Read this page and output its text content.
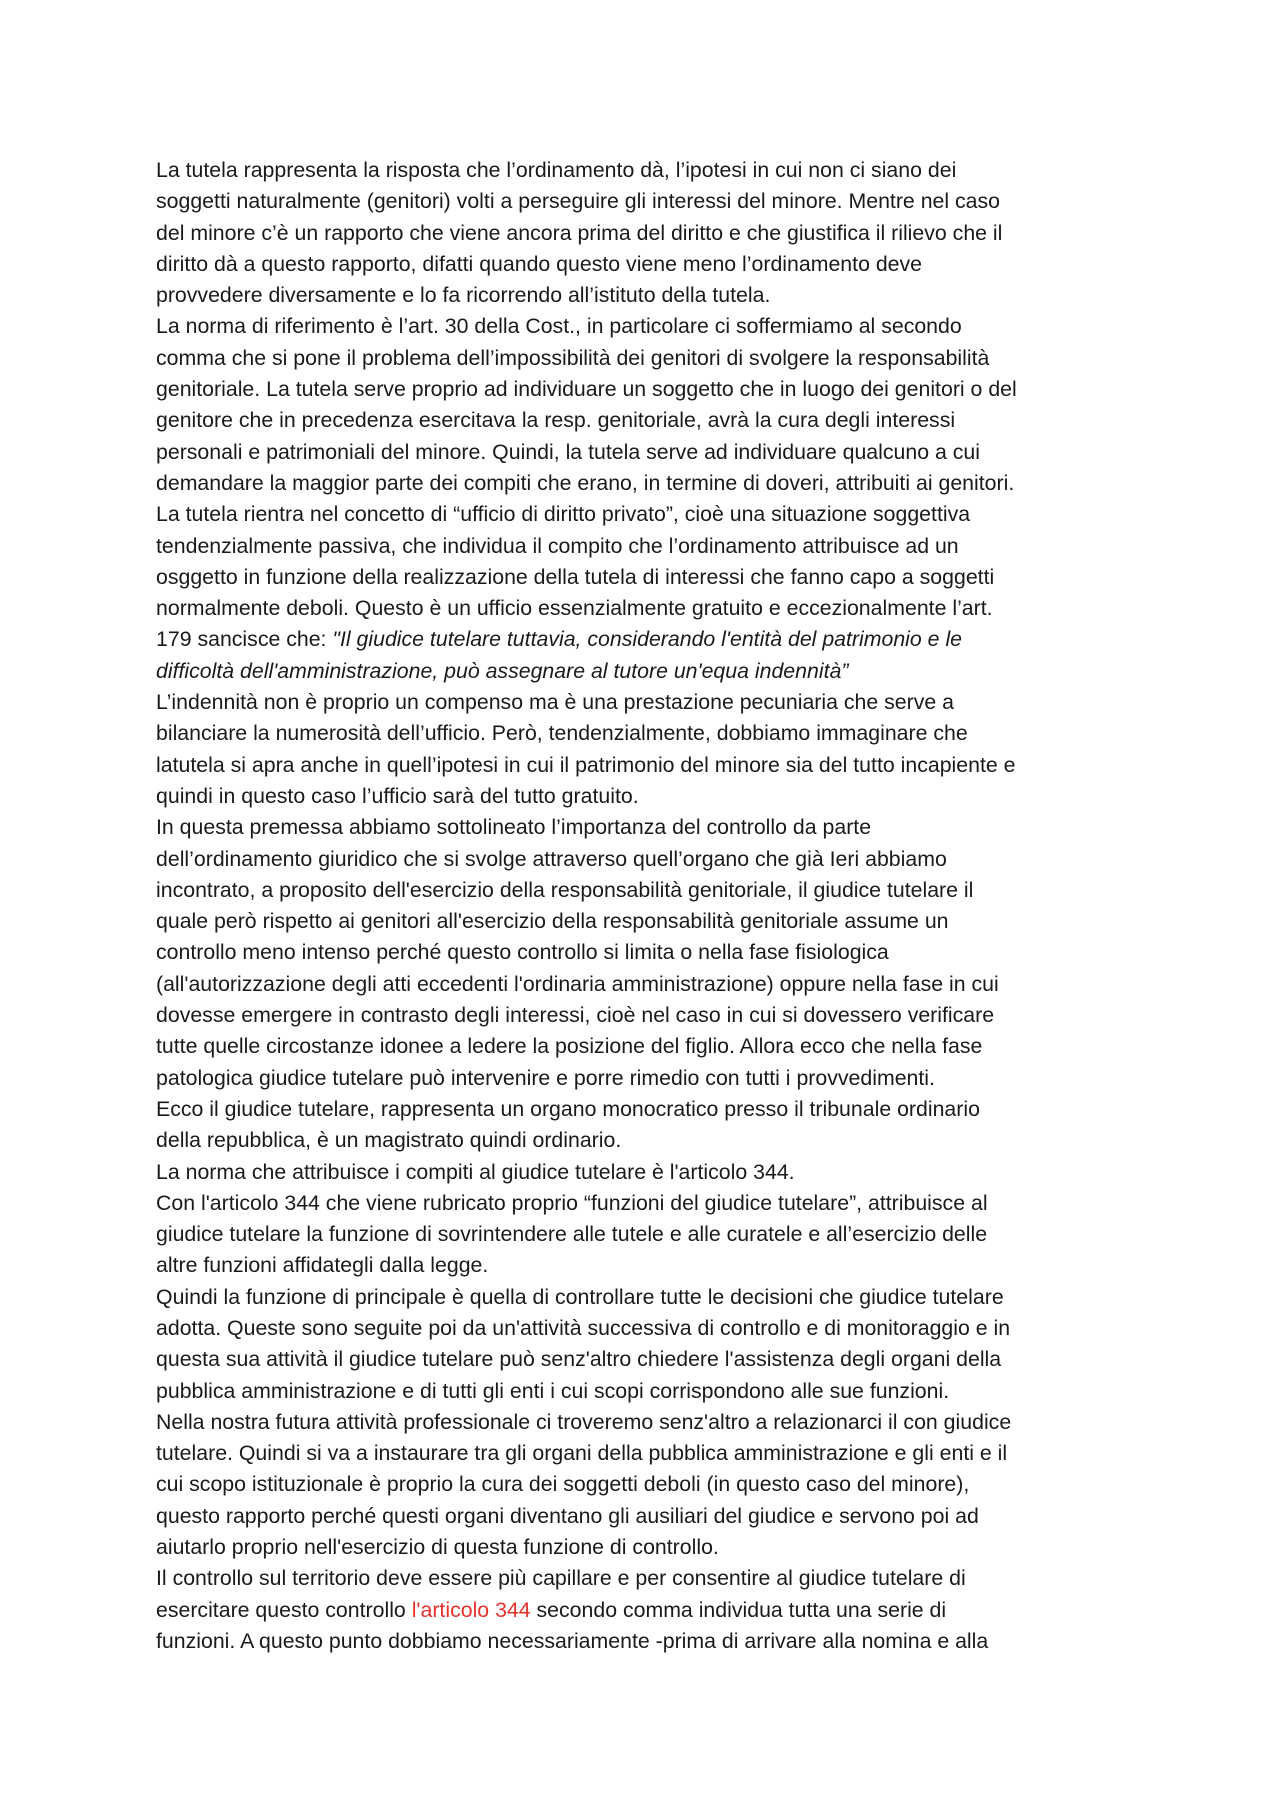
La tutela rappresenta la risposta che l’ordinamento dà, l’ipotesi in cui non ci siano dei
soggetti naturalmente (genitori) volti a perseguire gli interessi del minore. Mentre nel caso
del minore c’è un rapporto che viene ancora prima del diritto e che giustifica il rilievo che il
diritto dà a questo rapporto, difatti quando questo viene meno l’ordinamento deve
provvedere diversamente e lo fa ricorrendo all’istituto della tutela.
La norma di riferimento è l’art. 30 della Cost., in particolare ci soffermiamo al secondo
comma che si pone il problema dell’impossibilità dei genitori di svolgere la responsabilità
genitoriale. La tutela serve proprio ad individuare un soggetto che in luogo dei genitori o del
genitore che in precedenza esercitava la resp. genitoriale, avrà la cura degli interessi
personali e patrimoniali del minore. Quindi, la tutela serve ad individuare qualcuno a cui
demandare la maggior parte dei compiti che erano, in termine di doveri, attribuiti ai genitori.
La tutela rientra nel concetto di “ufficio di diritto privato”, cioè una situazione soggettiva
tendenzialmente passiva, che individua il compito che l’ordinamento attribuisce ad un
osggetto in funzione della realizzazione della tutela di interessi che fanno capo a soggetti
normalmente deboli. Questo è un ufficio essenzialmente gratuito e eccezionalmente l’art.
179 sancisce che: "Il giudice tutelare tuttavia, considerando l'entità del patrimonio e le
difficoltà dell'amministrazione, può assegnare al tutore un'equa indennità”
L’indennità non è proprio un compenso ma è una prestazione pecuniaria che serve a
bilanciare la numerosità dell’ufficio. Però, tendenzialmente, dobbiamo immaginare che
latutela si apra anche in quell’ipotesi in cui il patrimonio del minore sia del tutto incapiente e
quindi in questo caso l’ufficio sarà del tutto gratuito.
In questa premessa abbiamo sottolineato l’importanza del controllo da parte
dell’ordinamento giuridico che si svolge attraverso quell’organo che già Ieri abbiamo
incontrato, a proposito dell'esercizio della responsabilità genitoriale, il giudice tutelare il
quale però rispetto ai genitori all'esercizio della responsabilità genitoriale assume un
controllo meno intenso perché questo controllo si limita o nella fase fisiologica
(all'autorizzazione degli atti eccedenti l'ordinaria amministrazione) oppure nella fase in cui
dovesse emergere in contrasto degli interessi, cioè nel caso in cui si dovessero verificare
tutte quelle circostanze idonee a ledere la posizione del figlio. Allora ecco che nella fase
patologica giudice tutelare può intervenire e porre rimedio con tutti i provvedimenti.
Ecco il giudice tutelare, rappresenta un organo monocratico presso il tribunale ordinario
della repubblica, è un magistrato quindi ordinario.
La norma che attribuisce i compiti al giudice tutelare è l'articolo 344.
Con l'articolo 344 che viene rubricato proprio “funzioni del giudice tutelare”, attribuisce al
giudice tutelare la funzione di sovrintendere alle tutele e alle curatele e all’esercizio delle
altre funzioni affidategli dalla legge.
Quindi la funzione di principale è quella di controllare tutte le decisioni che giudice tutelare
adotta. Queste sono seguite poi da un'attività successiva di controllo e di monitoraggio e in
questa sua attività il giudice tutelare può senz'altro chiedere l'assistenza degli organi della
pubblica amministrazione e di tutti gli enti i cui scopi corrispondono alle sue funzioni.
Nella nostra futura attività professionale ci troveremo senz'altro a relazionarci il con giudice
tutelare. Quindi si va a instaurare tra gli organi della pubblica amministrazione e gli enti e il
cui scopo istituzionale è proprio la cura dei soggetti deboli (in questo caso del minore),
questo rapporto perché questi organi diventano gli ausiliari del giudice e servono poi ad
aiutarlo proprio nell'esercizio di questa funzione di controllo.
Il controllo sul territorio deve essere più capillare e per consentire al giudice tutelare di
esercitare questo controllo l'articolo 344 secondo comma individua tutta una serie di
funzioni. A questo punto dobbiamo necessariamente -prima di arrivare alla nomina e alla
